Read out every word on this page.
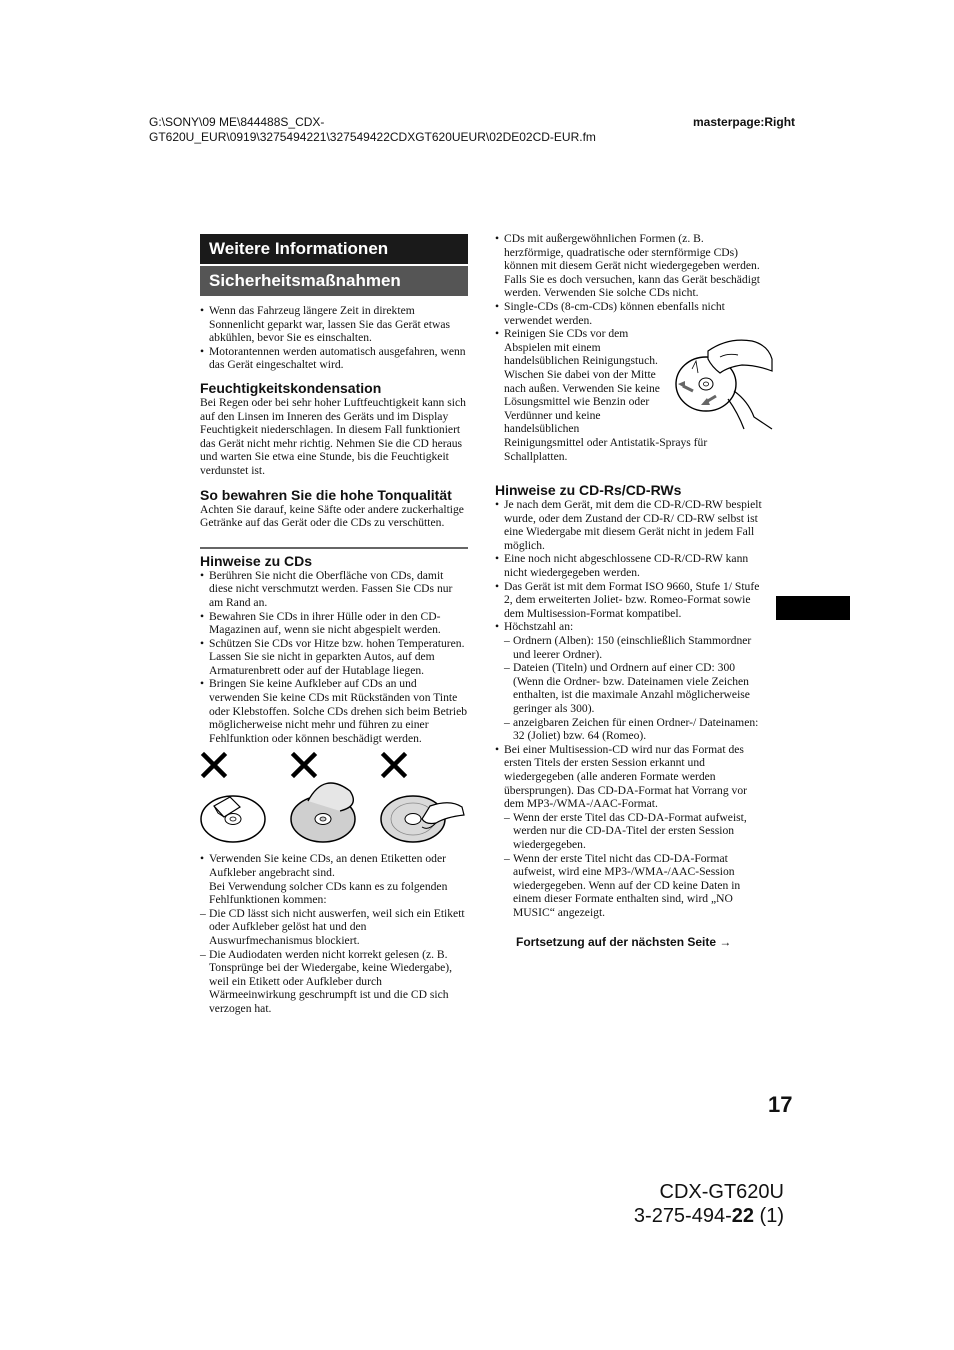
G:\SONY\09 ME\844488S_CDX-
GT620U_EUR\0919\3275494221\327549422CDXGT620UEUR\02DE02CD-EUR.fm
masterpage:Right
Weitere Informationen
Sicherheitsmaßnahmen
• Wenn das Fahrzeug längere Zeit in direktem Sonnenlicht geparkt war, lassen Sie das Gerät etwas abkühlen, bevor Sie es einschalten.
• Motorantennen werden automatisch ausgefahren, wenn das Gerät eingeschaltet wird.

Feuchtigkeitskondensation

Bei Regen oder bei sehr hoher Luftfeuchtigkeit kann sich auf den Linsen im Inneren des Geräts und im Display Feuchtigkeit niederschlagen. In diesem Fall funktioniert das Gerät nicht mehr richtig. Nehmen Sie die CD heraus und warten Sie etwa eine Stunde, bis die Feuchtigkeit verdunstet ist.

So bewahren Sie die hohe Tonqualität

Achten Sie darauf, keine Säfte oder andere zuckerhaltige Getränke auf das Gerät oder die CDs zu verschütten.

Hinweise zu CDs

• Berühren Sie nicht die Oberfläche von CDs, damit diese nicht verschmutzt werden. Fassen Sie CDs nur am Rand an.
• Bewahren Sie CDs in ihrer Hülle oder in den CD-Magazinen auf, wenn sie nicht abgespielt werden.
• Schützen Sie CDs vor Hitze bzw. hohen Temperaturen. Lassen Sie sie nicht in geparkten Autos, auf dem Armaturenbrett oder auf der Hutablage liegen.
• Bringen Sie keine Aufkleber auf CDs an und verwenden Sie keine CDs mit Rückständen von Tinte oder Klebstoffen. Solche CDs drehen sich beim Betrieb möglicherweise nicht mehr und führen zu einer Fehlfunktion oder können beschädigt werden.

• Verwenden Sie keine CDs, an denen Etiketten oder Aufkleber angebracht sind.

Bei Verwendung solcher CDs kann es zu folgenden Fehlfunktionen kommen:

– Die CD lässt sich nicht auswerfen, weil sich ein Etikett oder Aufkleber gelöst hat und den Auswurfmechanismus blockiert.
– Die Audiodaten werden nicht korrekt gelesen (z. B. Tonsprünge bei der Wiedergabe, keine Wiedergabe), weil ein Etikett oder Aufkleber durch Wärmeeinwirkung geschrumpft ist und die CD sich verzogen hat.
• CDs mit außergewöhnlichen Formen (z. B. herzförmige, quadratische oder sternförmige CDs) können mit diesem Gerät nicht wiedergegeben werden. Falls Sie es doch versuchen, kann das Gerät beschädigt werden. Verwenden Sie solche CDs nicht.
• Single-CDs (8-cm-CDs) können ebenfalls nicht verwendet werden.
• Reinigen Sie CDs vor dem Abspielen mit einem handelsüblichen Reinigungstuch. Wischen Sie dabei von der Mitte nach außen. Verwenden Sie keine Lösungsmittel wie Benzin oder Verdünner und keine handelsüblichen
Reinigungsmittel oder Antistatik-Sprays für Schallplatten.

Hinweise zu CD-Rs/CD-RWs

• Je nach dem Gerät, mit dem die CD-R/CD-RW bespielt wurde, oder dem Zustand der CD-R/ CD-RW selbst ist eine Wiedergabe mit diesem Gerät nicht in jedem Fall möglich.
• Eine noch nicht abgeschlossene CD-R/CD-RW kann nicht wiedergegeben werden.
• Das Gerät ist mit dem Format ISO 9660, Stufe 1/ Stufe 2, dem erweiterten Joliet- bzw. Romeo-Format sowie dem Multisession-Format kompatibel.

• Höchstzahl an:

– Ordnern (Alben): 150 (einschließlich Stammordner und leerer Ordner).
– Dateien (Titeln) und Ordnern auf einer CD: 300 (Wenn die Ordner- bzw. Dateinamen viele Zeichen enthalten, ist die maximale Anzahl möglicherweise geringer als 300).
– anzeigbaren Zeichen für einen Ordner-/ Dateinamen: 32 (Joliet) bzw. 64 (Romeo).

• Bei einer Multisession-CD wird nur das Format des ersten Titels der ersten Session erkannt und wiedergegeben (alle anderen Formate werden übersprungen). Das CD-DA-Format hat Vorrang vor dem MP3-/WMA-/AAC-Format.

– Wenn der erste Titel das CD-DA-Format aufweist, werden nur die CD-DA-Titel der ersten Session wiedergegeben.
– Wenn der erste Titel nicht das CD-DA-Format aufweist, wird eine MP3-/WMA-/AAC-Session wiedergegeben. Wenn auf der CD keine Daten in einem dieser Formate enthalten sind, wird „NO MUSIC“ angezeigt.
Fortsetzung auf der nächsten Seite →
17
CDX-GT620U
3-275-494-22 (1)
